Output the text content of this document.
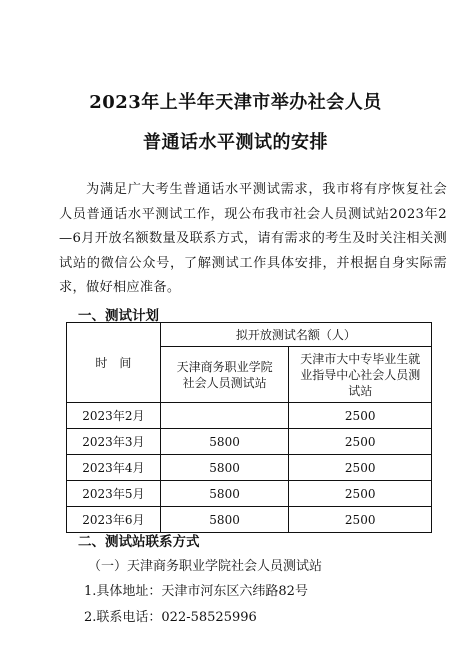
2023年上半年天津市举办社会人员
普通话水平测试的安排
为满足广大考生普通话水平测试需求，我市将有序恢复社会人员普通话水平测试工作，现公布我市社会人员测试站2023年2—6月开放名额数量及联系方式，请有需求的考生及时关注相关测试站的微信公众号，了解测试工作具体安排，并根据自身实际需求，做好相应准备。
一、测试计划
时　间	拟开放测试名额（人）	
	天津商务职业学院社会人员测试站	天津市大中专毕业生就业指导中心社会人员测试站
2023年2月		2500
2023年3月	5800	2500
2023年4月	5800	2500
2023年5月	5800	2500
2023年6月	5800	2500
二、测试站联系方式
（一）天津商务职业学院社会人员测试站
1.具体地址：天津市河东区六纬路82号
2.联系电话：022-58525996
